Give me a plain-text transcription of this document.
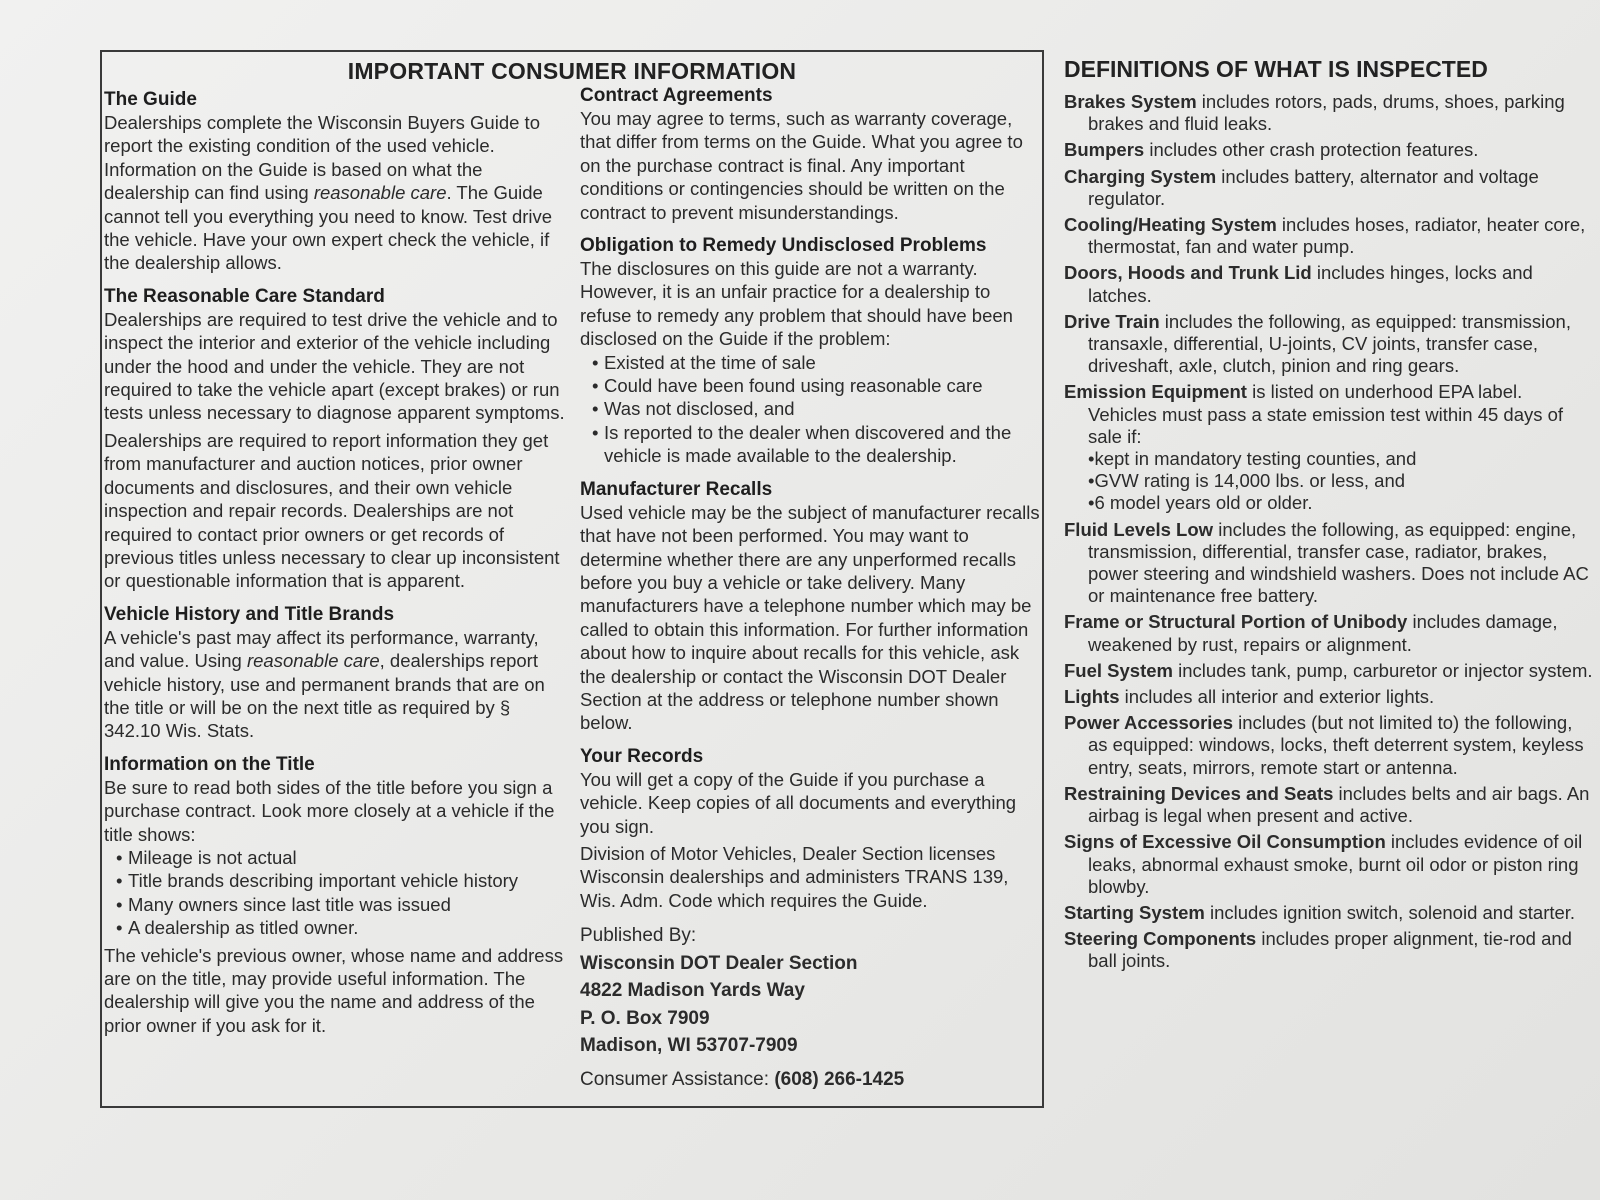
IMPORTANT CONSUMER INFORMATION
The Guide
Dealerships complete the Wisconsin Buyers Guide to report the existing condition of the used vehicle. Information on the Guide is based on what the dealership can find using reasonable care. The Guide cannot tell you everything you need to know. Test drive the vehicle. Have your own expert check the vehicle, if the dealership allows.
The Reasonable Care Standard
Dealerships are required to test drive the vehicle and to inspect the interior and exterior of the vehicle including under the hood and under the vehicle. They are not required to take the vehicle apart (except brakes) or run tests unless necessary to diagnose apparent symptoms.
Dealerships are required to report information they get from manufacturer and auction notices, prior owner documents and disclosures, and their own vehicle inspection and repair records. Dealerships are not required to contact prior owners or get records of previous titles unless necessary to clear up inconsistent or questionable information that is apparent.
Vehicle History and Title Brands
A vehicle's past may affect its performance, warranty, and value. Using reasonable care, dealerships report vehicle history, use and permanent brands that are on the title or will be on the next title as required by § 342.10 Wis. Stats.
Information on the Title
Be sure to read both sides of the title before you sign a purchase contract. Look more closely at a vehicle if the title shows:
• Mileage is not actual
• Title brands describing important vehicle history
• Many owners since last title was issued
• A dealership as titled owner.
The vehicle's previous owner, whose name and address are on the title, may provide useful information. The dealership will give you the name and address of the prior owner if you ask for it.
Contract Agreements
You may agree to terms, such as warranty coverage, that differ from terms on the Guide. What you agree to on the purchase contract is final. Any important conditions or contingencies should be written on the contract to prevent misunderstandings.
Obligation to Remedy Undisclosed Problems
The disclosures on this guide are not a warranty. However, it is an unfair practice for a dealership to refuse to remedy any problem that should have been disclosed on the Guide if the problem:
• Existed at the time of sale
• Could have been found using reasonable care
• Was not disclosed, and
• Is reported to the dealer when discovered and the vehicle is made available to the dealership.
Manufacturer Recalls
Used vehicle may be the subject of manufacturer recalls that have not been performed. You may want to determine whether there are any unperformed recalls before you buy a vehicle or take delivery. Many manufacturers have a telephone number which may be called to obtain this information. For further information about how to inquire about recalls for this vehicle, ask the dealership or contact the Wisconsin DOT Dealer Section at the address or telephone number shown below.
Your Records
You will get a copy of the Guide if you purchase a vehicle. Keep copies of all documents and everything you sign.
Division of Motor Vehicles, Dealer Section licenses Wisconsin dealerships and administers TRANS 139, Wis. Adm. Code which requires the Guide.
Published By:
Wisconsin DOT Dealer Section
4822 Madison Yards Way
P. O. Box 7909
Madison, WI 53707-7909
Consumer Assistance: (608) 266-1425
DEFINITIONS OF WHAT IS INSPECTED
Brakes System includes rotors, pads, drums, shoes, parking brakes and fluid leaks.
Bumpers includes other crash protection features.
Charging System includes battery, alternator and voltage regulator.
Cooling/Heating System includes hoses, radiator, heater core, thermostat, fan and water pump.
Doors, Hoods and Trunk Lid includes hinges, locks and latches.
Drive Train includes the following, as equipped: transmission, transaxle, differential, U-joints, CV joints, transfer case, driveshaft, axle, clutch, pinion and ring gears.
Emission Equipment is listed on underhood EPA label. Vehicles must pass a state emission test within 45 days of sale if:
•kept in mandatory testing counties, and
•GVW rating is 14,000 lbs. or less, and
•6 model years old or older.
Fluid Levels Low includes the following, as equipped: engine, transmission, differential, transfer case, radiator, brakes, power steering and windshield washers. Does not include AC or maintenance free battery.
Frame or Structural Portion of Unibody includes damage, weakened by rust, repairs or alignment.
Fuel System includes tank, pump, carburetor or injector system.
Lights includes all interior and exterior lights.
Power Accessories includes (but not limited to) the following, as equipped: windows, locks, theft deterrent system, keyless entry, seats, mirrors, remote start or antenna.
Restraining Devices and Seats includes belts and air bags. An airbag is legal when present and active.
Signs of Excessive Oil Consumption includes evidence of oil leaks, abnormal exhaust smoke, burnt oil odor or piston ring blowby.
Starting System includes ignition switch, solenoid and starter.
Steering Components includes proper alignment, tie-rod and ball joints.
